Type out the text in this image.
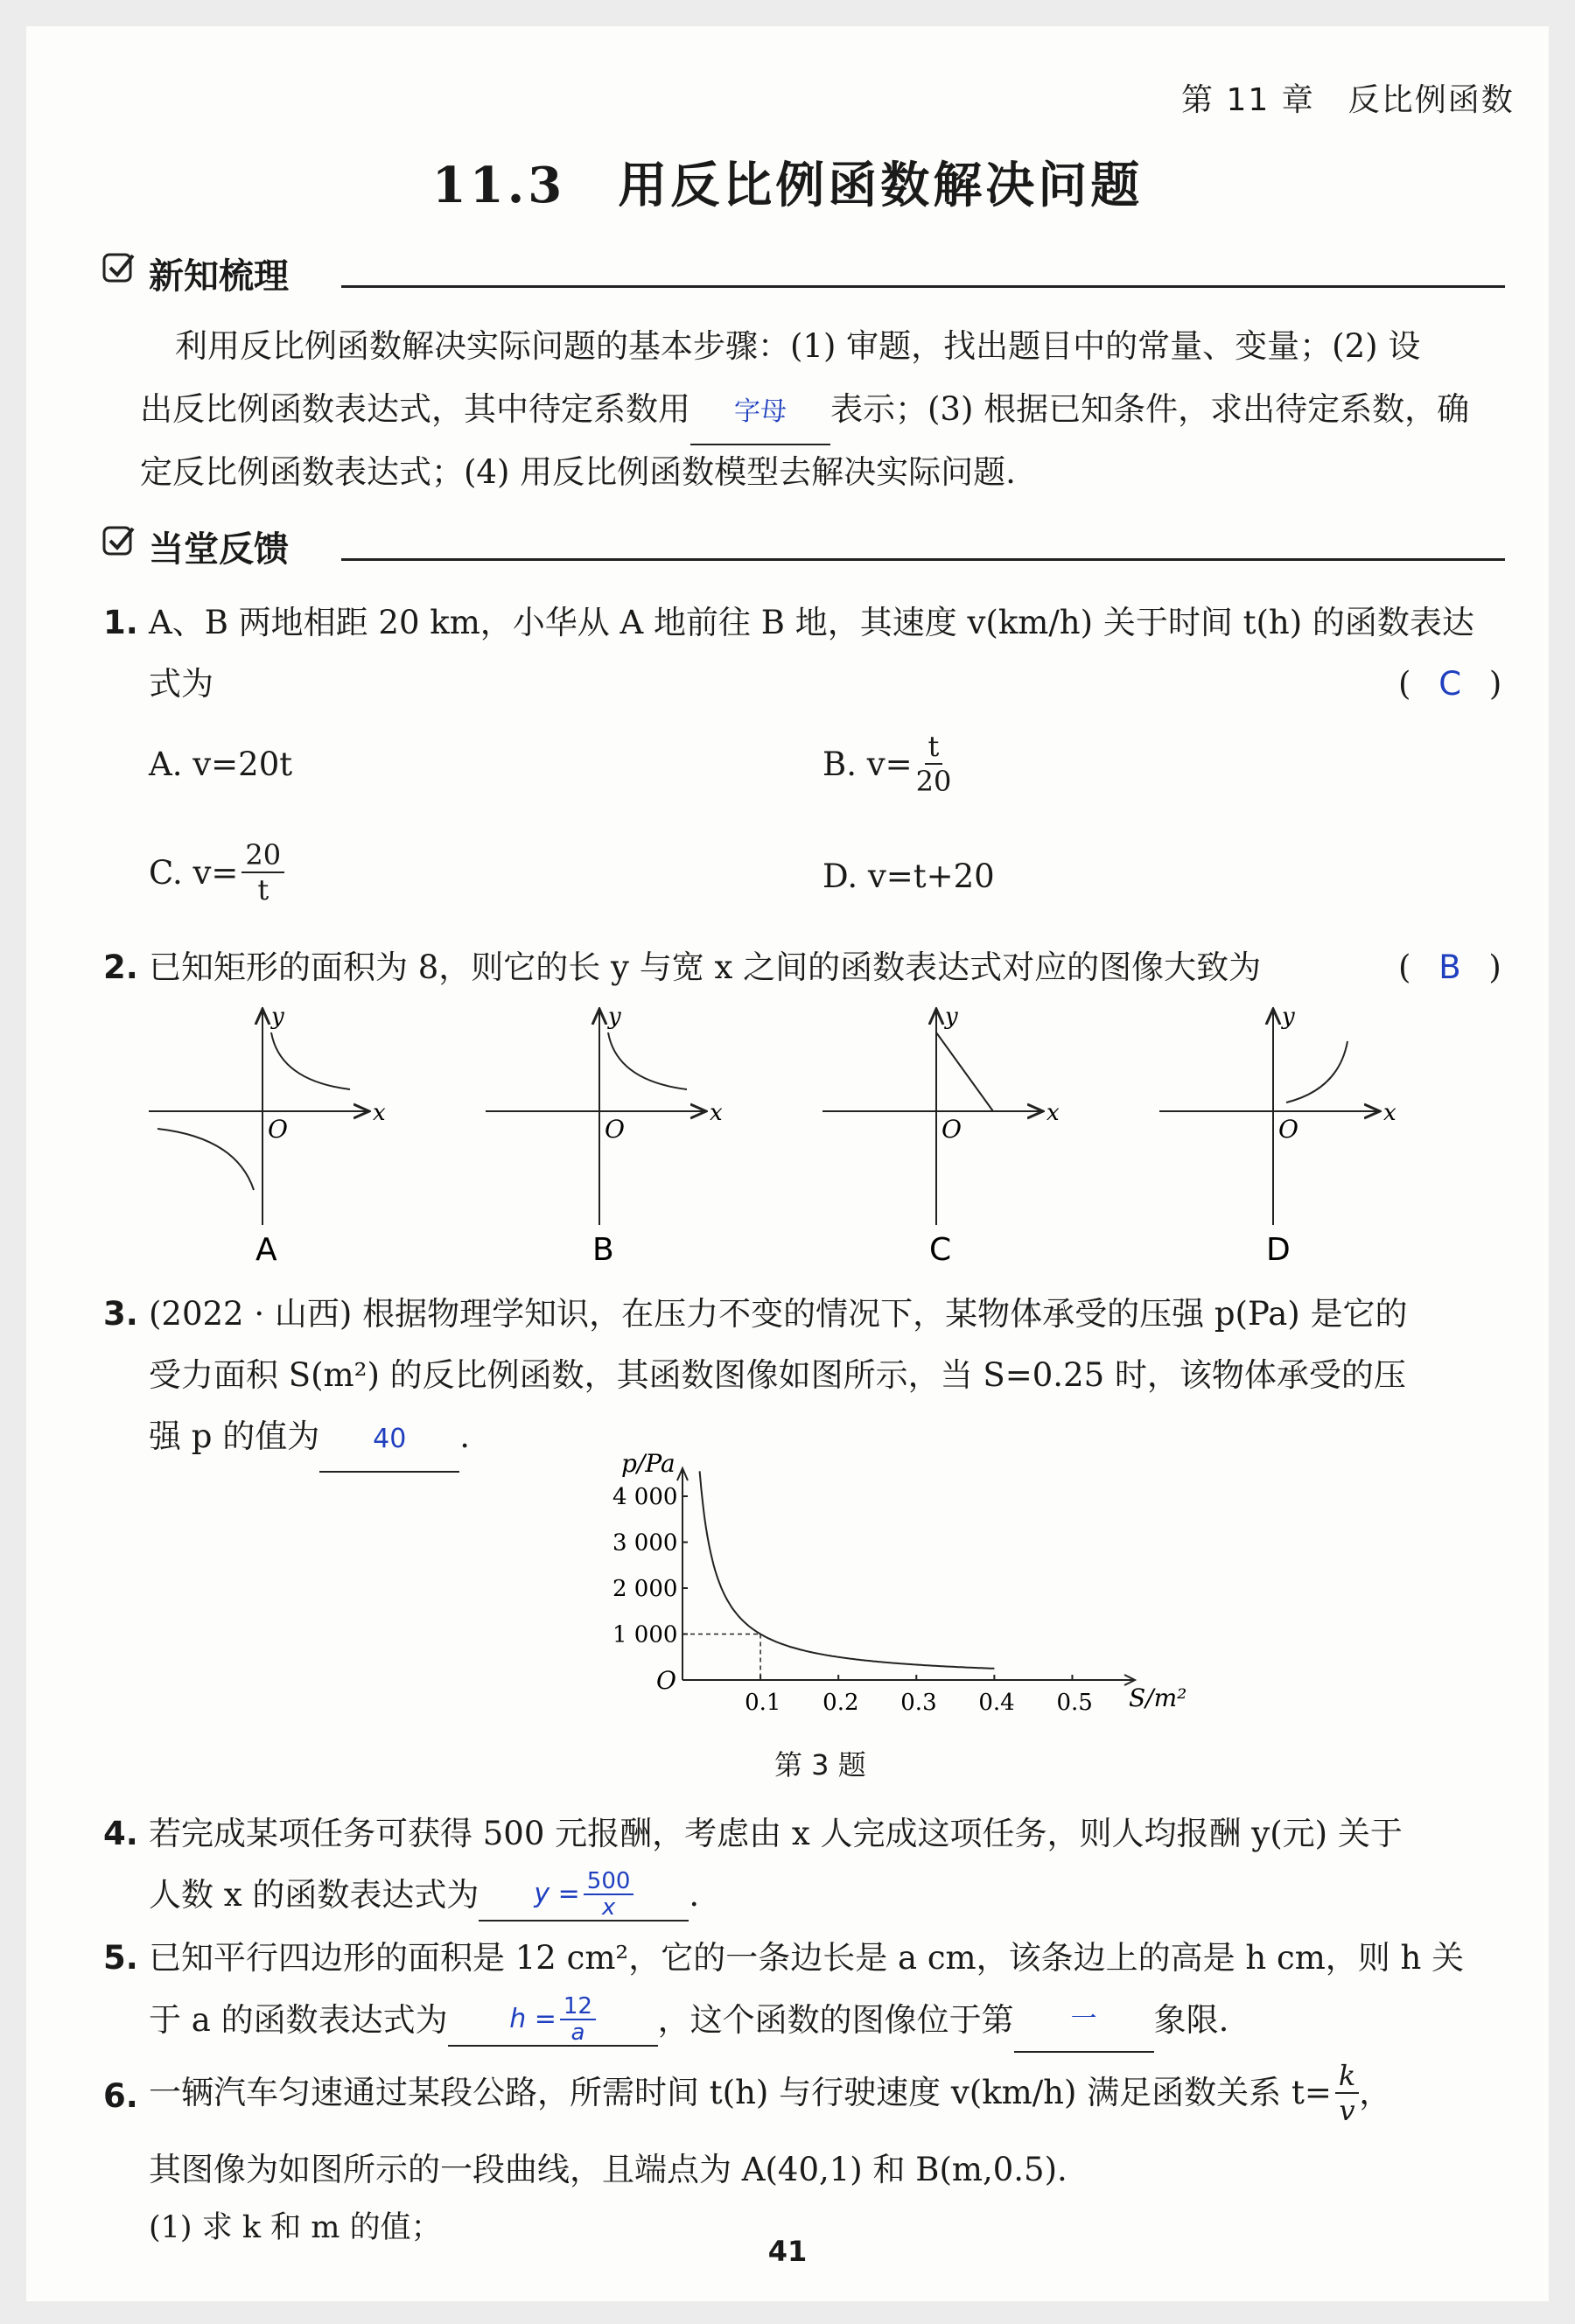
第 11 章　反比例函数
11.3　用反比例函数解决问题
新知梳理
利用反比例函数解决实际问题的基本步骤：(1) 审题，找出题目中的常量、变量；(2) 设
出反比例函数表达式，其中待定系数用 字母 表示；(3) 根据已知条件，求出待定系数，确
定反比例函数表达式；(4) 用反比例函数模型去解决实际问题.
当堂反馈
1. A、B 两地相距 20 km，小华从 A 地前往 B 地，其速度 v(km/h) 关于时间 t(h) 的函数表达
式为	( C )
A. v=20t	B. $v= \frac{t}{20}$
C. $v= \frac{20}{t}$	D. v=t+20
2. 已知矩形的面积为 8，则它的长 y 与宽 x 之间的函数表达式对应的图像大致为	( B )
y
x
O
A
y
x
O
B
y
x
O
C
y
x
O
D
3. (2022 · 山西) 根据物理学知识，在压力不变的情况下，某物体承受的压强 p(Pa) 是它的
受力面积 S(m²) 的反比例函数，其函数图像如图所示，当 S=0.25 时，该物体承受的压
强 p 的值为 40 .
p/Pa
S/m²
O
0.1 0.2 0.3 0.4 0.5
1 000
2 000
3 000
4 000
第 3 题
4. 若完成某项任务可获得 500 元报酬，考虑由 x 人完成这项任务，则人均报酬 y(元) 关于
人数 x 的函数表达式为 $y = \frac{500}{x}$ .
5. 已知平行四边形的面积是 12 cm²，它的一条边长是 a cm，该条边上的高是 h cm，则 h 关
于 a 的函数表达式为 $h = \frac{12}{a}$ ，这个函数的图像位于第	一	象限.
6. 一辆汽车匀速通过某段公路，所需时间 t(h) 与行驶速度 v(km/h) 满足函数关系 $t= \frac{k}{v}$ ，
其图像为如图所示的一段曲线，且端点为 A(40,1) 和 B(m,0.5).
(1) 求 k 和 m 的值；
41
